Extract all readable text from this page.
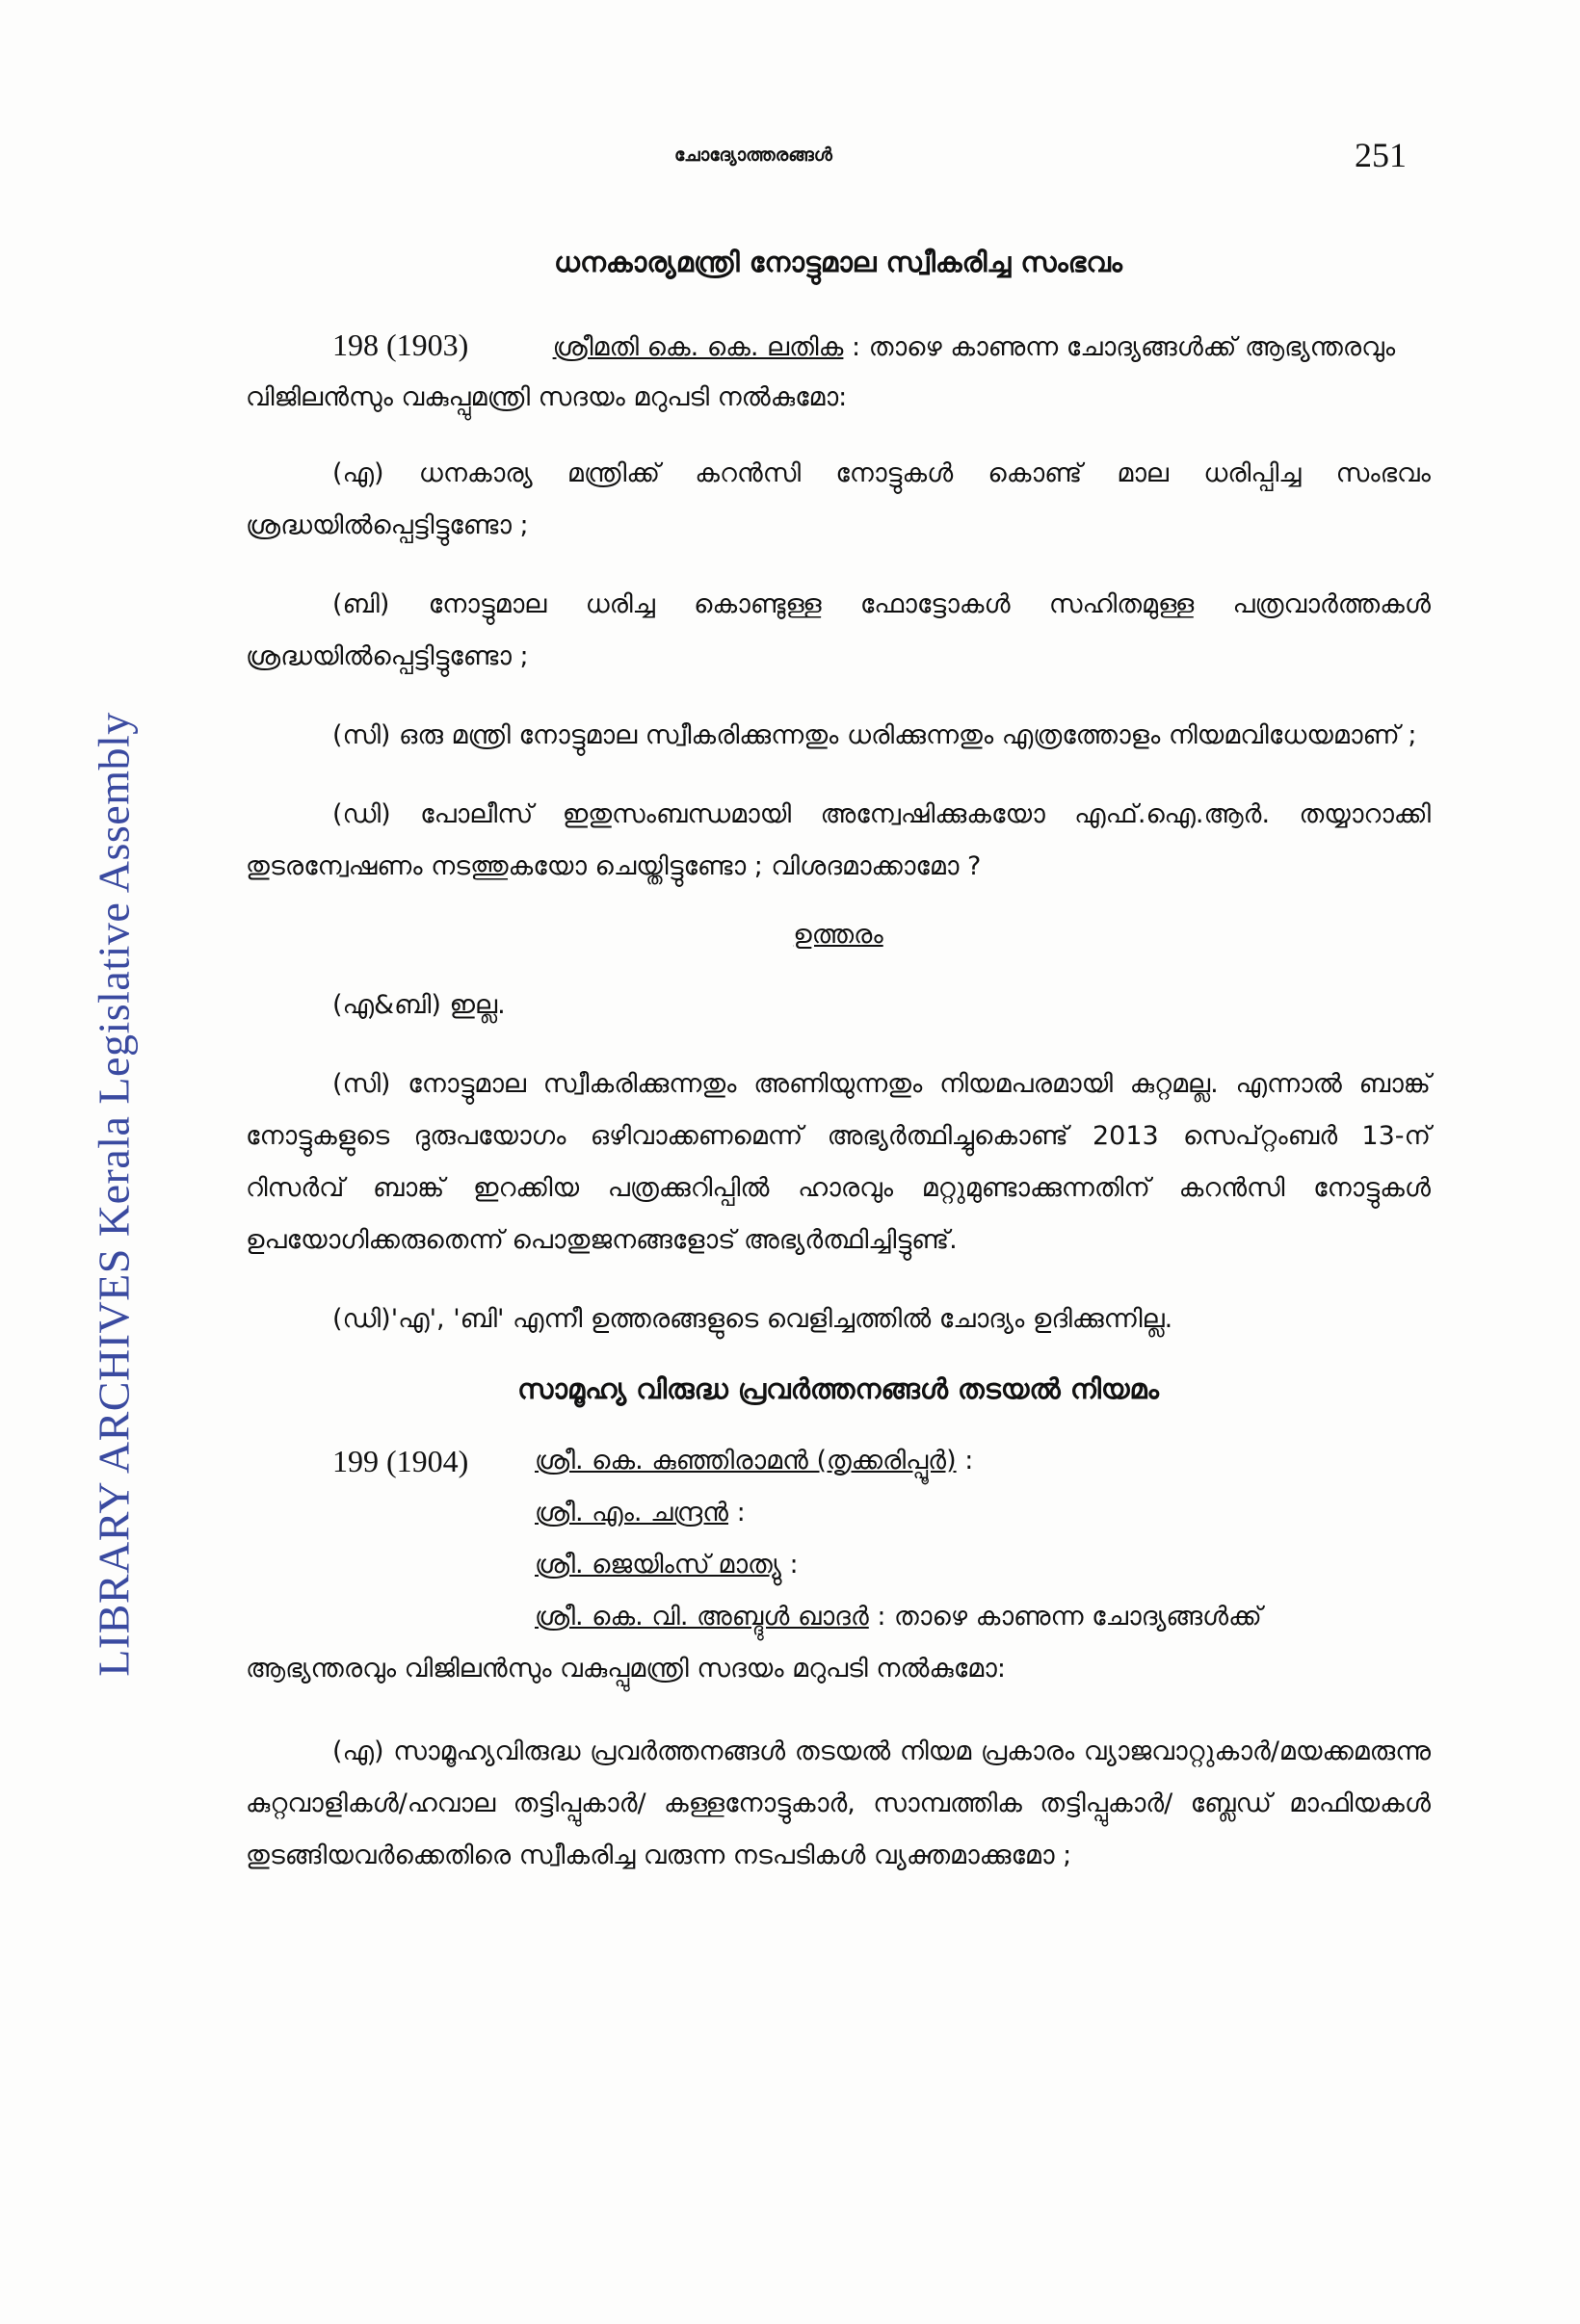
ചോദ്യോത്തരങ്ങൾ	251
LIBRARY ARCHIVES Kerala Legislative Assembly
ധനകാര്യമന്ത്രി നോട്ടുമാല സ്വീകരിച്ച സംഭവം
198 (1903)	ശ്രീമതി കെ. കെ. ലതിക : താഴെ കാണുന്ന ചോദ്യങ്ങൾക്ക് ആഭ്യന്തരവും വിജിലൻസും വകുപ്പുമന്ത്രി സദയം മറുപടി നൽകുമോ:

(എ) ധനകാര്യ മന്ത്രിക്ക് കറൻസി നോട്ടുകൾ കൊണ്ട് മാല ധരിപ്പിച്ച സംഭവം ശ്രദ്ധയിൽപ്പെട്ടിട്ടുണ്ടോ ;

(ബി) നോട്ടുമാല ധരിച്ച കൊണ്ടുള്ള ഫോട്ടോകൾ സഹിതമുള്ള പത്രവാർത്തകൾ ശ്രദ്ധയിൽപ്പെട്ടിട്ടുണ്ടോ ;

(സി) ഒരു മന്ത്രി നോട്ടുമാല സ്വീകരിക്കുന്നതും ധരിക്കുന്നതും എത്രത്തോളം നിയമവിധേയമാണ് ;

(ഡി) പോലീസ് ഇതുസംബന്ധമായി അന്വേഷിക്കുകയോ എഫ്.ഐ.ആർ. തയ്യാറാക്കി തുടരന്വേഷണം നടത്തുകയോ ചെയ്തിട്ടുണ്ടോ ; വിശദമാക്കാമോ ?

ഉത്തരം

(എ&ബി) ഇല്ല.

(സി) നോട്ടുമാല സ്വീകരിക്കുന്നതും അണിയുന്നതും നിയമപരമായി കുറ്റമല്ല. എന്നാൽ ബാങ്ക് നോട്ടുകളുടെ ദുരുപയോഗം ഒഴിവാക്കണമെന്ന് അഭ്യർത്ഥിച്ചുകൊണ്ട് 2013 സെപ്റ്റംബർ 13-ന് റിസർവ് ബാങ്ക് ഇറക്കിയ പത്രക്കുറിപ്പിൽ ഹാരവും മറ്റുമുണ്ടാക്കുന്നതിന് കറൻസി നോട്ടുകൾ ഉപയോഗിക്കരുതെന്ന് പൊതുജനങ്ങളോട് അഭ്യർത്ഥിച്ചിട്ടുണ്ട്.

(ഡി)'എ', 'ബി' എന്നീ ഉത്തരങ്ങളുടെ വെളിച്ചത്തിൽ ചോദ്യം ഉദിക്കുന്നില്ല.

സാമൂഹ്യ വിരുദ്ധ പ്രവർത്തനങ്ങൾ തടയൽ നിയമം
199 (1904)	ശ്രീ. കെ. കുഞ്ഞിരാമൻ (തൃക്കരിപ്പൂർ) :
ശ്രീ. എം. ചന്ദ്രൻ :
ശ്രീ. ജെയിംസ് മാത്യു :
ശ്രീ. കെ. വി. അബ്ദുൾ ഖാദർ : താഴെ കാണുന്ന ചോദ്യങ്ങൾക്ക്
ആഭ്യന്തരവും വിജിലൻസും വകുപ്പുമന്ത്രി സദയം മറുപടി നൽകുമോ:

(എ) സാമൂഹ്യവിരുദ്ധ പ്രവർത്തനങ്ങൾ തടയൽ നിയമ പ്രകാരം വ്യാജവാറ്റുകാർ/മയക്കമരുന്നു കുറ്റവാളികൾ/ഹവാല തട്ടിപ്പുകാർ/ കള്ളനോട്ടുകാർ, സാമ്പത്തിക തട്ടിപ്പുകാർ/ ബ്ലേഡ് മാഫിയകൾ തുടങ്ങിയവർക്കെതിരെ സ്വീകരിച്ച വരുന്ന നടപടികൾ വ്യക്തമാക്കുമോ ;
